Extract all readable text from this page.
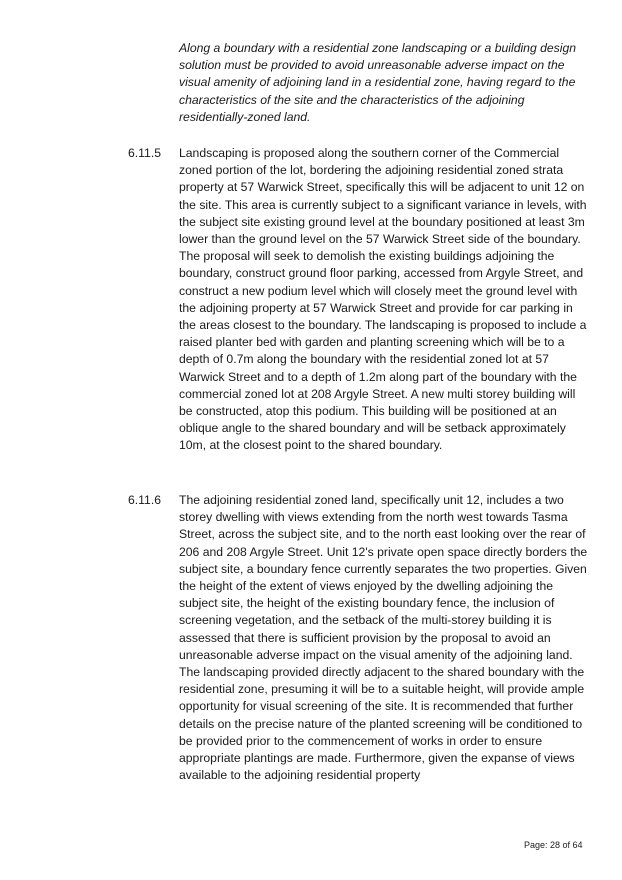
Along a boundary with a residential zone landscaping or a building design solution must be provided to avoid unreasonable adverse impact on the visual amenity of adjoining land in a residential zone, having regard to the characteristics of the site and the characteristics of the adjoining residentially-zoned land.

6.11.5 Landscaping is proposed along the southern corner of the Commercial zoned portion of the lot, bordering the adjoining residential zoned strata property at 57 Warwick Street, specifically this will be adjacent to unit 12 on the site. This area is currently subject to a significant variance in levels, with the subject site existing ground level at the boundary positioned at least 3m lower than the ground level on the 57 Warwick Street side of the boundary. The proposal will seek to demolish the existing buildings adjoining the boundary, construct ground floor parking, accessed from Argyle Street, and construct a new podium level which will closely meet the ground level with the adjoining property at 57 Warwick Street and provide for car parking in the areas closest to the boundary. The landscaping is proposed to include a raised planter bed with garden and planting screening which will be to a depth of 0.7m along the boundary with the residential zoned lot at 57 Warwick Street and to a depth of 1.2m along part of the boundary with the commercial zoned lot at 208 Argyle Street. A new multi storey building will be constructed, atop this podium. This building will be positioned at an oblique angle to the shared boundary and will be setback approximately 10m, at the closest point to the shared boundary.

6.11.6 The adjoining residential zoned land, specifically unit 12, includes a two storey dwelling with views extending from the north west towards Tasma Street, across the subject site, and to the north east looking over the rear of 206 and 208 Argyle Street. Unit 12's private open space directly borders the subject site, a boundary fence currently separates the two properties. Given the height of the extent of views enjoyed by the dwelling adjoining the subject site, the height of the existing boundary fence, the inclusion of screening vegetation, and the setback of the multi-storey building it is assessed that there is sufficient provision by the proposal to avoid an unreasonable adverse impact on the visual amenity of the adjoining land. The landscaping provided directly adjacent to the shared boundary with the residential zone, presuming it will be to a suitable height, will provide ample opportunity for visual screening of the site. It is recommended that further details on the precise nature of the planted screening will be conditioned to be provided prior to the commencement of works in order to ensure appropriate plantings are made. Furthermore, given the expanse of views available to the adjoining residential property

Page: 28 of 64
